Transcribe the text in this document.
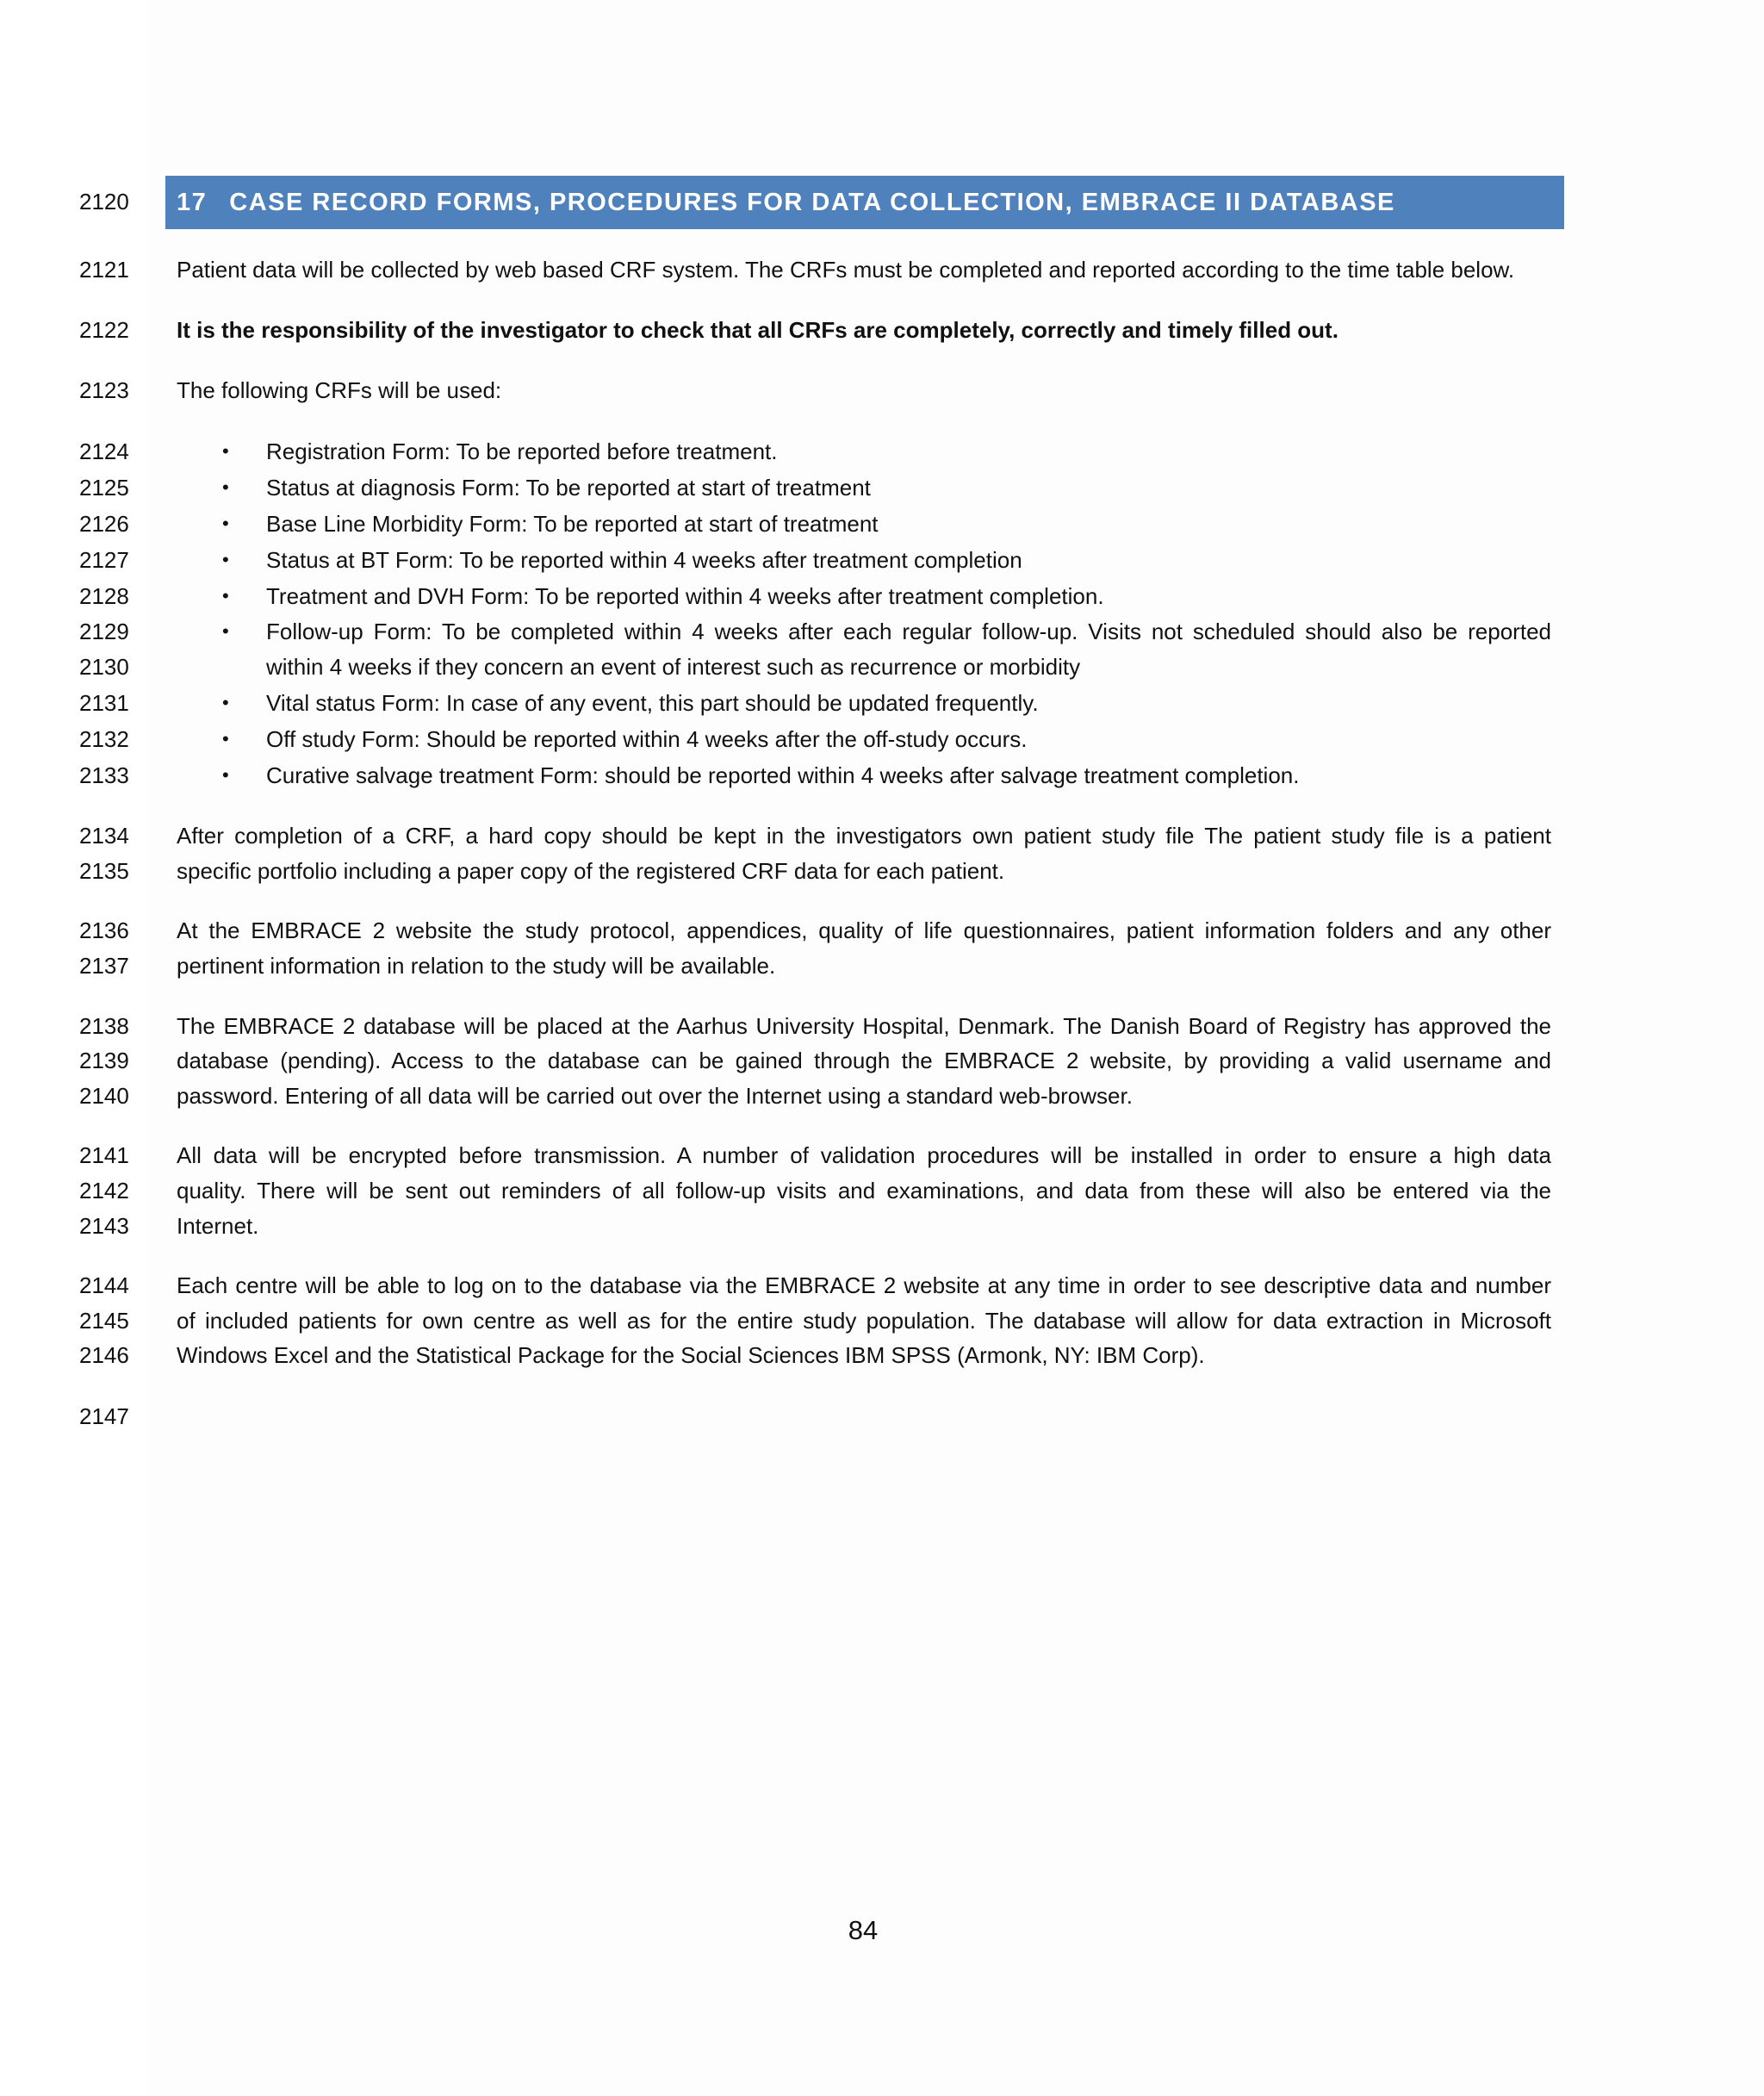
2120
2121
2122
2123
2124
2125
2126
2127
2128
2129
2130
2131
2132
2133
2134
2135
2136
2137
2138
2139
2140
2141
2142
2143
2144
2145
2146
2147
17 CASE RECORD FORMS, PROCEDURES FOR DATA COLLECTION, EMBRACE II DATABASE
Patient data will be collected by web based CRF system. The CRFs must be completed and reported according to the time table below.
It is the responsibility of the investigator to check that all CRFs are completely, correctly and timely filled out.
The following CRFs will be used:
• Registration Form: To be reported before treatment.
• Status at diagnosis Form: To be reported at start of treatment
• Base Line Morbidity Form: To be reported at start of treatment
• Status at BT Form: To be reported within 4 weeks after treatment completion
• Treatment and DVH Form: To be reported within 4 weeks after treatment completion.
• Follow-up Form: To be completed within 4 weeks after each regular follow-up. Visits not scheduled should also be reported
within 4 weeks if they concern an event of interest such as recurrence or morbidity
• Vital status Form: In case of any event, this part should be updated frequently.
• Off study Form: Should be reported within 4 weeks after the off-study occurs.
• Curative salvage treatment Form: should be reported within 4 weeks after salvage treatment completion.
After completion of a CRF, a hard copy should be kept in the investigators own patient study file The patient study file is a patient
specific portfolio including a paper copy of the registered CRF data for each patient.
At the EMBRACE 2 website the study protocol, appendices, quality of life questionnaires, patient information folders and any other
pertinent information in relation to the study will be available.
The EMBRACE 2 database will be placed at the Aarhus University Hospital, Denmark. The Danish Board of Registry has approved the
database (pending). Access to the database can be gained through the EMBRACE 2 website, by providing a valid username and
password. Entering of all data will be carried out over the Internet using a standard web-browser.
All data will be encrypted before transmission. A number of validation procedures will be installed in order to ensure a high data
quality. There will be sent out reminders of all follow-up visits and examinations, and data from these will also be entered via the
Internet.
Each centre will be able to log on to the database via the EMBRACE 2 website at any time in order to see descriptive data and number
of included patients for own centre as well as for the entire study population. The database will allow for data extraction in Microsoft
Windows Excel and the Statistical Package for the Social Sciences IBM SPSS (Armonk, NY: IBM Corp).
84
